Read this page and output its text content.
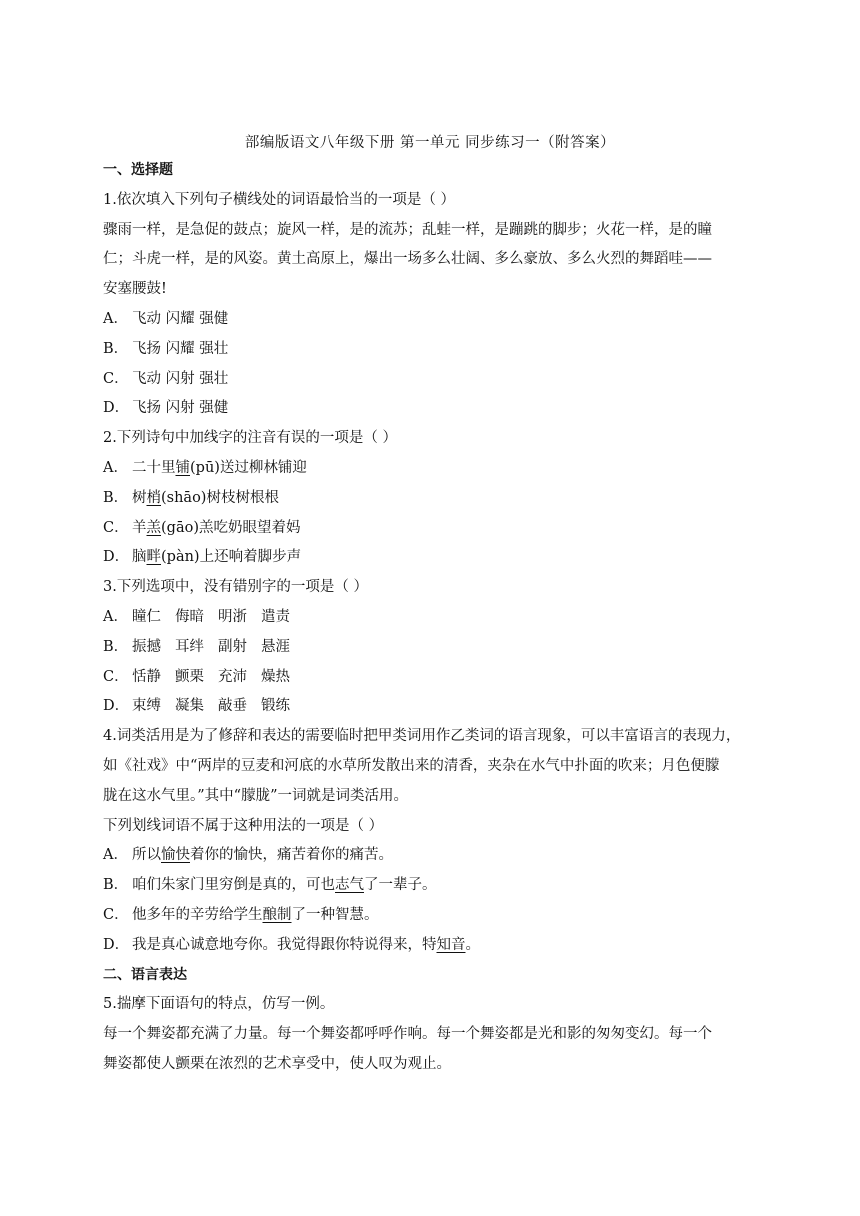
部编版语文八年级下册 第一单元 同步练习一（附答案）
一、选择题
1.依次填入下列句子横线处的词语最恰当的一项是（ ）
骤雨一样，是急促的鼓点；旋风一样，是的流苏；乱蛙一样，是蹦跳的脚步；火花一样，是的瞳
仁；斗虎一样，是的风姿。黄土高原上，爆出一场多么壮阔、多么豪放、多么火烈的舞蹈哇——
安塞腰鼓!
A． 飞动 闪耀 强健
B． 飞扬 闪耀 强壮
C． 飞动 闪射 强壮
D． 飞扬 闪射 强健
2.下列诗句中加线字的注音有误的一项是（ ）
A． 二十里铺(pū)送过柳林铺迎
B． 树梢(shāo)树枝树根根
C． 羊羔(gāo)羔吃奶眼望着妈
D． 脑畔(pàn)上还响着脚步声
3.下列选项中，没有错别字的一项是（ ）
A． 瞳仁 侮暗 明浙 遣责
B． 振撼 耳绊 副射 悬涯
C． 恬静 颤栗 充沛 燥热
D． 束缚 凝集 敲垂 锻练
4.词类活用是为了修辞和表达的需要临时把甲类词用作乙类词的语言现象，可以丰富语言的表现力，
如《社戏》中“两岸的豆麦和河底的水草所发散出来的清香，夹杂在水气中扑面的吹来；月色便朦
胧在这水气里。”其中“朦胧”一词就是词类活用。
下列划线词语不属于这种用法的一项是（ ）
A． 所以愉快着你的愉快，痛苦着你的痛苦。
B． 咱们朱家门里穷倒是真的，可也志气了一辈子。
C． 他多年的辛劳给学生酿制了一种智慧。
D． 我是真心诚意地夸你。我觉得跟你特说得来，特知音。
二、语言表达
5.揣摩下面语句的特点，仿写一例。
每一个舞姿都充满了力量。每一个舞姿都呼呼作响。每一个舞姿都是光和影的匆匆变幻。每一个
舞姿都使人颤栗在浓烈的艺术享受中，使人叹为观止。
